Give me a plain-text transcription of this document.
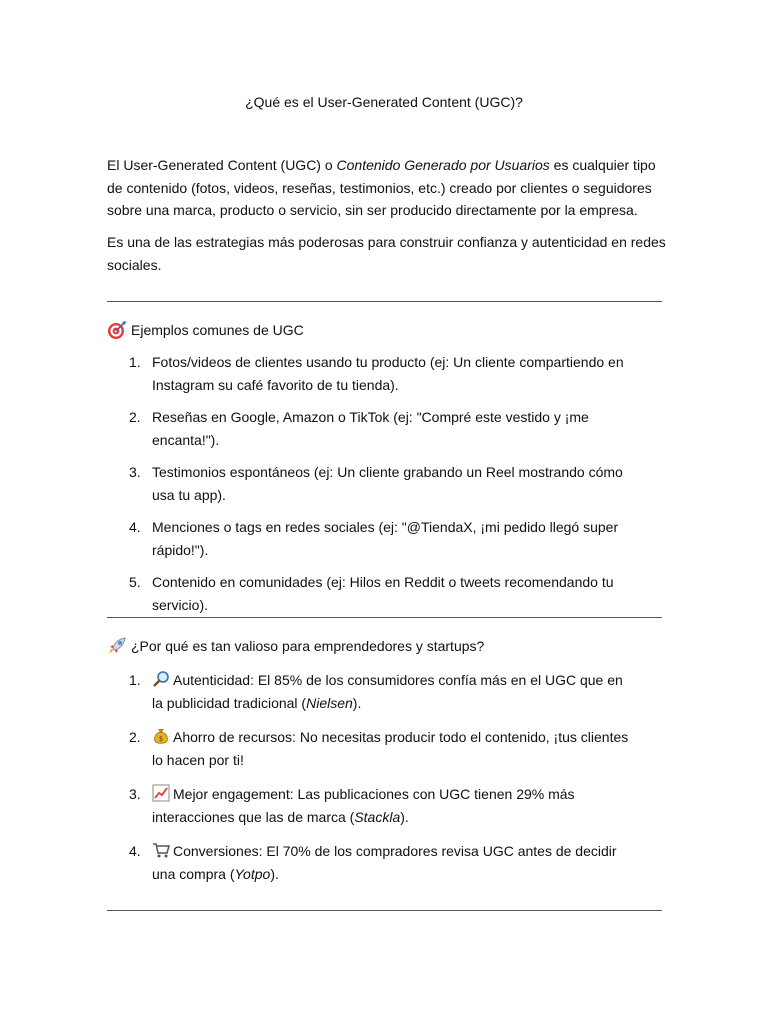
¿Qué es el User-Generated Content (UGC)?

El User-Generated Content (UGC) o Contenido Generado por Usuarios es cualquier tipo de contenido (fotos, videos, reseñas, testimonios, etc.) creado por clientes o seguidores sobre una marca, producto o servicio, sin ser producido directamente por la empresa.

Es una de las estrategias más poderosas para construir confianza y autenticidad en redes sociales.

Ejemplos comunes de UGC
1. Fotos/videos de clientes usando tu producto (ej: Un cliente compartiendo en Instagram su café favorito de tu tienda).
2. Reseñas en Google, Amazon o TikTok (ej: "Compré este vestido y ¡me encanta!").
3. Testimonios espontáneos (ej: Un cliente grabando un Reel mostrando cómo usa tu app).
4. Menciones o tags en redes sociales (ej: "@TiendaX, ¡mi pedido llegó super rápido!").
5. Contenido en comunidades (ej: Hilos en Reddit o tweets recomendando tu servicio).
¿Por qué es tan valioso para emprendedores y startups?
1. Autenticidad: El 85% de los consumidores confía más en el UGC que en la publicidad tradicional (Nielsen).
2.	$ Ahorro de recursos: No necesitas producir todo el contenido, ¡tus clientes lo hacen por ti!
3. Mejor engagement: Las publicaciones con UGC tienen 29% más interacciones que las de marca (Stackla).
4. Conversiones: El 70% de los compradores revisa UGC antes de decidir una compra (Yotpo).
